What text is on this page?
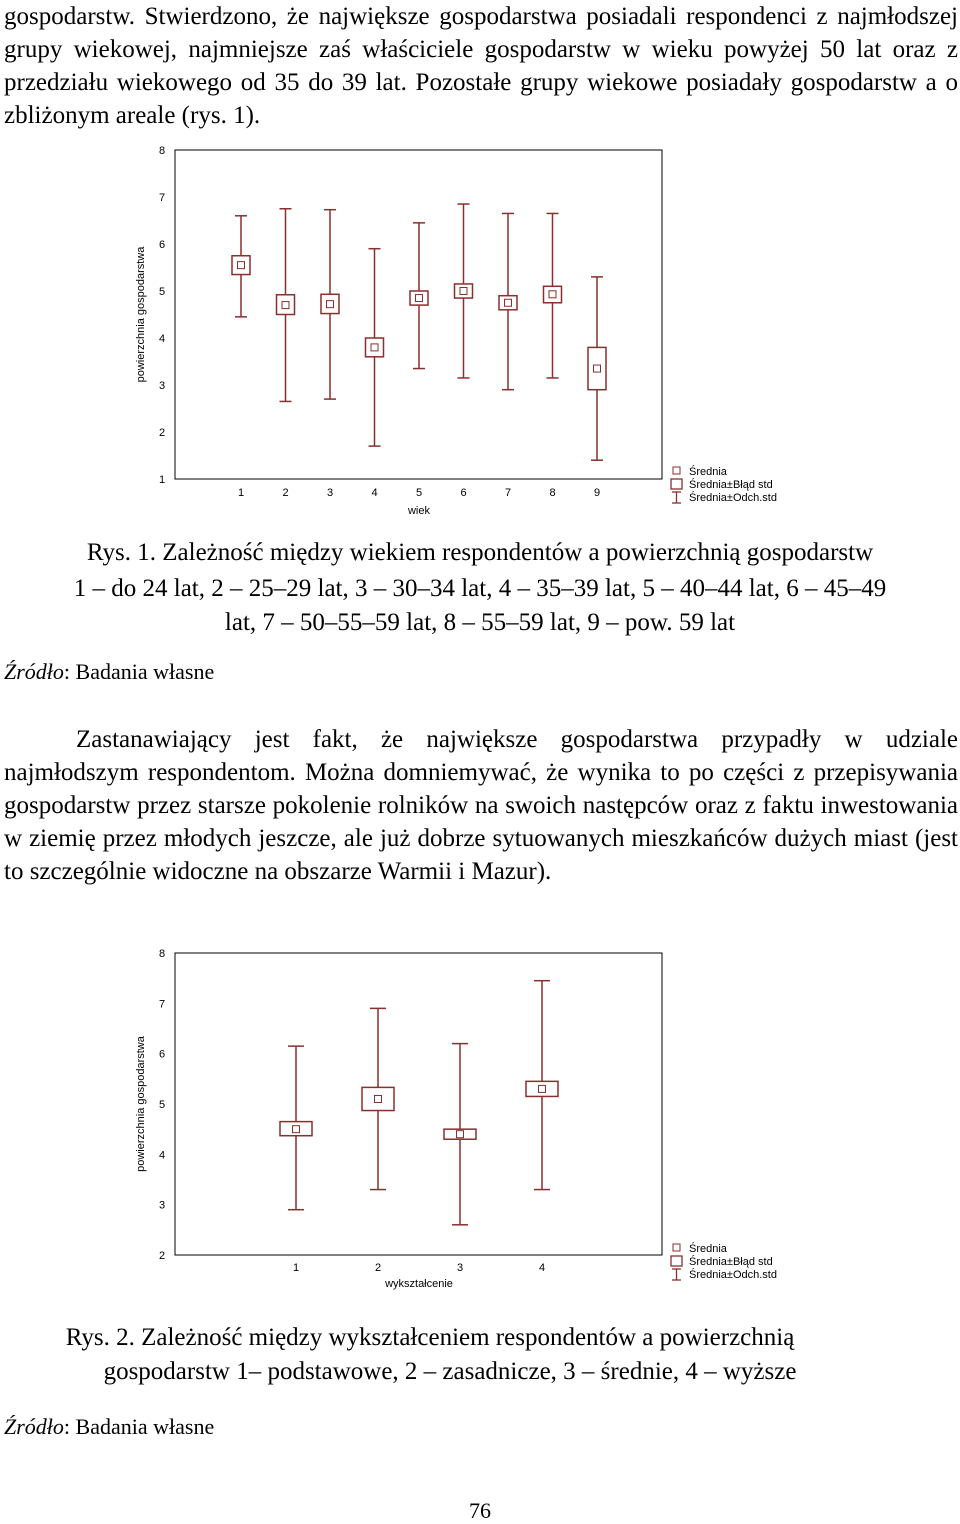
gospodarstw. Stwierdzono, że największe gospodarstwa posiadali respondenci z najmłodszej grupy wiekowej, najmniejsze zaś właściciele gospodarstw w wieku powyżej 50 lat oraz z przedziału wiekowego od 35 do 39 lat. Pozostałe grupy wiekowe posiadały gospodarstw a o zbliżonym areale (rys. 1).
8
7
6
5
4
3
2
1
powierzchnia gospodarstwa
1	2	3	4	5	6	7	8	9
wiek
Średnia
Średnia±Błąd std
Średnia±Odch.std
Rys. 1. Zależność między wiekiem respondentów a powierzchnią gospodarstw
1 – do 24 lat, 2 – 25–29 lat, 3 – 30–34 lat, 4 – 35–39 lat, 5 – 40–44 lat, 6 – 45–49
lat, 7 – 50–55–59 lat, 8 – 55–59 lat, 9 – pow. 59 lat
Źródło: Badania własne
Zastanawiający jest fakt, że największe gospodarstwa przypadły w udziale najmłodszym respondentom. Można domniemywać, że wynika to po części z przepisywania gospodarstw przez starsze pokolenie rolników na swoich następców oraz z faktu inwestowania w ziemię przez młodych jeszcze, ale już dobrze sytuowanych mieszkańców dużych miast (jest to szczególnie widoczne na obszarze Warmii i Mazur).
8
7
6
5
4
3
2
powierzchnia gospodarstwa
1	2	3	4
wykształcenie
Średnia
Średnia±Błąd std
Średnia±Odch.std
Rys. 2. Zależność między wykształceniem respondentów a powierzchnią
gospodarstw 1– podstawowe, 2 – zasadnicze, 3 – średnie, 4 – wyższe
Źródło: Badania własne
76
